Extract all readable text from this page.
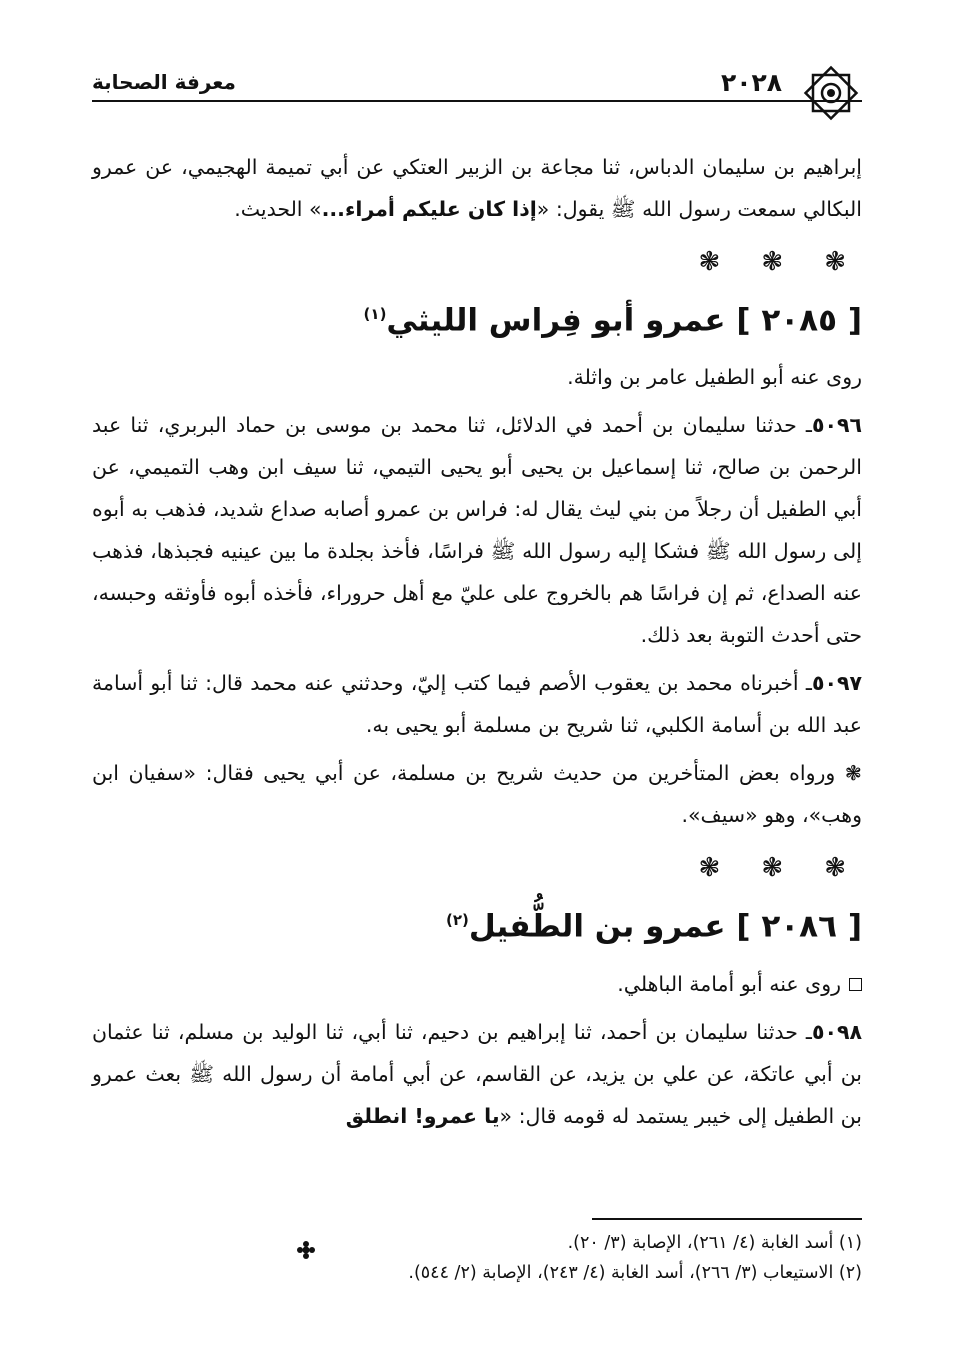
٢٠٢٨
معرفة الصحابة

إبراهيم بن سليمان الدباس، ثنا مجاعة بن الزبير العتكي عن أبي تميمة الهجيمي، عن عمرو البكالي سمعت رسول الله ﷺ يقول: «إذا كان عليكم أمراء...» الحديث.

❃ ❃ ❃
[ ٢٠٨٥ ] عمرو أبو فِراس الليثي$^{(١)}$

روى عنه أبو الطفيل عامر بن واثلة.

٥٠٩٦ـ حدثنا سليمان بن أحمد في الدلائل، ثنا محمد بن موسى بن حماد البربري، ثنا عبد الرحمن بن صالح، ثنا إسماعيل بن يحيى أبو يحيى التيمي، ثنا سيف ابن وهب التميمي، عن أبي الطفيل أن رجلاً من بني ليث يقال له: فراس بن عمرو أصابه صداع شديد، فذهب به أبوه إلى رسول الله ﷺ فشكا إليه رسول الله ﷺ فراسًا، فأخذ بجلدة ما بين عينيه فجبذها، فذهب عنه الصداع، ثم إن فراسًا هم بالخروج على عليّ مع أهل حروراء، فأخذه أبوه فأوثقه وحبسه، حتى أحدث التوبة بعد ذلك.

٥٠٩٧ـ أخبرناه محمد بن يعقوب الأصم فيما كتب إليّ، وحدثني عنه محمد قال: ثنا أبو أسامة عبد الله بن أسامة الكلبي، ثنا شريح بن مسلمة أبو يحيى به.

❃ ورواه بعض المتأخرين من حديث شريح بن مسلمة، عن أبي يحيى فقال: «سفيان ابن وهب»، وهو «سيف».

❃ ❃ ❃
[ ٢٠٨٦ ] عمرو بن الطُّفيل$^{(٢)}$

روى عنه أبو أمامة الباهلي.

٥٠٩٨ـ حدثنا سليمان بن أحمد، ثنا إبراهيم بن دحيم، ثنا أبي، ثنا الوليد بن مسلم، ثنا عثمان بن أبي عاتكة، عن علي بن يزيد، عن القاسم، عن أبي أمامة أن رسول الله ﷺ بعث عمرو بن الطفيل إلى خيبر يستمد له قومه قال: «يا عمرو! انطلق

(١) أسد الغابة (٤/ ٢٦١)، الإصابة (٣/ ٢٠).

(٢) الاستيعاب (٣/ ٢٦٦)، أسد الغابة (٤/ ٢٤٣)، الإصابة (٢/ ٥٤٤).
